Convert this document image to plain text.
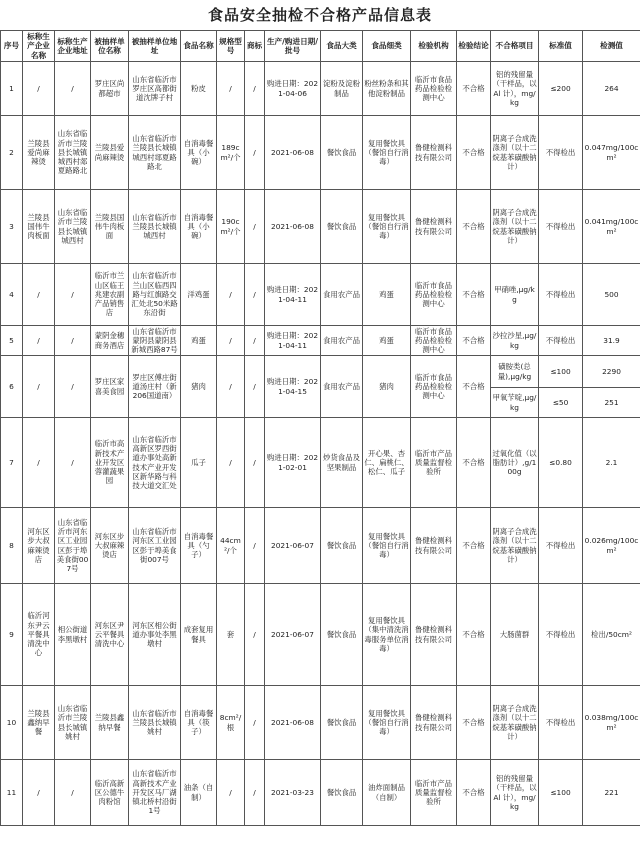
食品安全抽检不合格产品信息表
序号	标称生产企业名称	标称生产企业地址	被抽样单位名称	被抽样单位地址	食品名称	规格型号	商标	生产/购进日期/批号	食品大类	食品细类	检验机构	检验结论	不合格项目	标准值	检测值
1	/	/	罗庄区尚都超市	山东省临沂市罗庄区高都街道沈牌子村	粉皮	/	/	购进日期：2021-04-06	淀粉及淀粉制品	粉丝粉条和其他淀粉制品	临沂市食品药品检验检测中心	不合格	铝的残留量（干样品，以 Al 计），mg/kg	≤200	264
2	兰陵县爱尚麻辣烫	山东省临沂市兰陵县长城镇城西村郯夏路路北	兰陵县爱尚麻辣烫	山东省临沂市兰陵县长城镇城西村郯夏路路北	自消毒餐具（小碗）	189cm²/个	/	2021-06-08	餐饮食品	复用餐饮具（餐馆自行消毒）	鲁健检测科技有限公司	不合格	阴离子合成洗涤剂（以十二烷基苯磺酸钠计）	不得检出	0.047mg/100cm²
3	兰陵县国伟牛肉板面	山东省临沂市兰陵县长城镇城西村	兰陵县国伟牛肉板面	山东省临沂市兰陵县长城镇城西村	自消毒餐具（小碗）	190cm²/个	/	2021-06-08	餐饮食品	复用餐饮具（餐馆自行消毒）	鲁健检测科技有限公司	不合格	阴离子合成洗涤剂（以十二烷基苯磺酸钠计）	不得检出	0.041mg/100cm²
4	/	/	临沂市兰山区临王兆建农副产品销售店	山东省临沂市兰山区临西四路与红旗路交汇处北50米路东沿街	洋鸡蛋	/	/	购进日期：2021-04-11	食用农产品	鸡蛋	临沂市食品药品检验检测中心	不合格	甲硝唑,μg/kg	不得检出	500
5	/	/	蒙阴金穗商务酒店	山东省临沂市蒙阴县蒙阴县新城西路87号	鸡蛋	/	/	购进日期：2021-04-11	食用农产品	鸡蛋	临沂市食品药品检验检测中心	不合格	沙拉沙星,μg/kg	不得检出	31.9
6	/	/	罗庄区家喜美食园	罗庄区傅庄街道汤庄村（新206国道南）	猪肉	/	/	购进日期：2021-04-15	食用农产品	猪肉	临沂市食品药品检验检测中心	不合格	磺胺类(总量),μg/kg	≤100	2290
													甲氧苄啶,μg/kg	≤50	251
7	/	/	临沂市高新技术产业开发区蓉灌蔬果园	山东省临沂市高新区罗西街道办事处高新技术产业开发区新华路与科技大道交汇处	瓜子	/	/	购进日期：2021-02-01	炒货食品及坚果制品	开心果、杏仁、扁桃仁、松仁、瓜子	临沂市产品质量监督检验所	不合格	过氧化值（以脂肪计）,g/100g	≤0.80	2.1
8	河东区步大叔麻辣烫店	山东省临沂市河东区工业园区彭于埠美食街007号	河东区步大叔麻辣烫店	山东省临沂市河东区工业园区彭于埠美食街007号	自消毒餐具（勺子）	44cm²/个	/	2021-06-07	餐饮食品	复用餐饮具（餐馆自行消毒）	鲁健检测科技有限公司	不合格	阴离子合成洗涤剂（以十二烷基苯磺酸钠计）	不得检出	0.026mg/100cm²
9	临沂河东尹云平餐具清洗中心	相公街道李黑墩村	河东区尹云平餐具清洗中心	河东区相公街道办事处李黑墩村	成套复用餐具	套	/	2021-06-07	餐饮食品	复用餐饮具（集中清洗消毒服务单位消毒）	鲁健检测科技有限公司	不合格	大肠菌群	不得检出	检出/50cm²
10	兰陵县鑫纳早餐	山东省临沂市兰陵县长城镇姚村	兰陵县鑫纳早餐	山东省临沂市兰陵县长城镇姚村	自消毒餐具（筷子）	8cm²/根	/	2021-06-08	餐饮食品	复用餐饮具（餐馆自行消毒）	鲁健检测科技有限公司	不合格	阴离子合成洗涤剂（以十二烷基苯磺酸钠计）	不得检出	0.038mg/100cm²
11	/	/	临沂高新区公德牛肉粉馆	山东省临沂市高新技术产业开发区马厂湖镇北桥村沿街1号	油条（自制）	/	/	2021-03-23	餐饮食品	油炸面制品（自制）	临沂市产品质量监督检验所	不合格	铝的残留量（干样品，以 Al 计），mg/kg	≤100	221
